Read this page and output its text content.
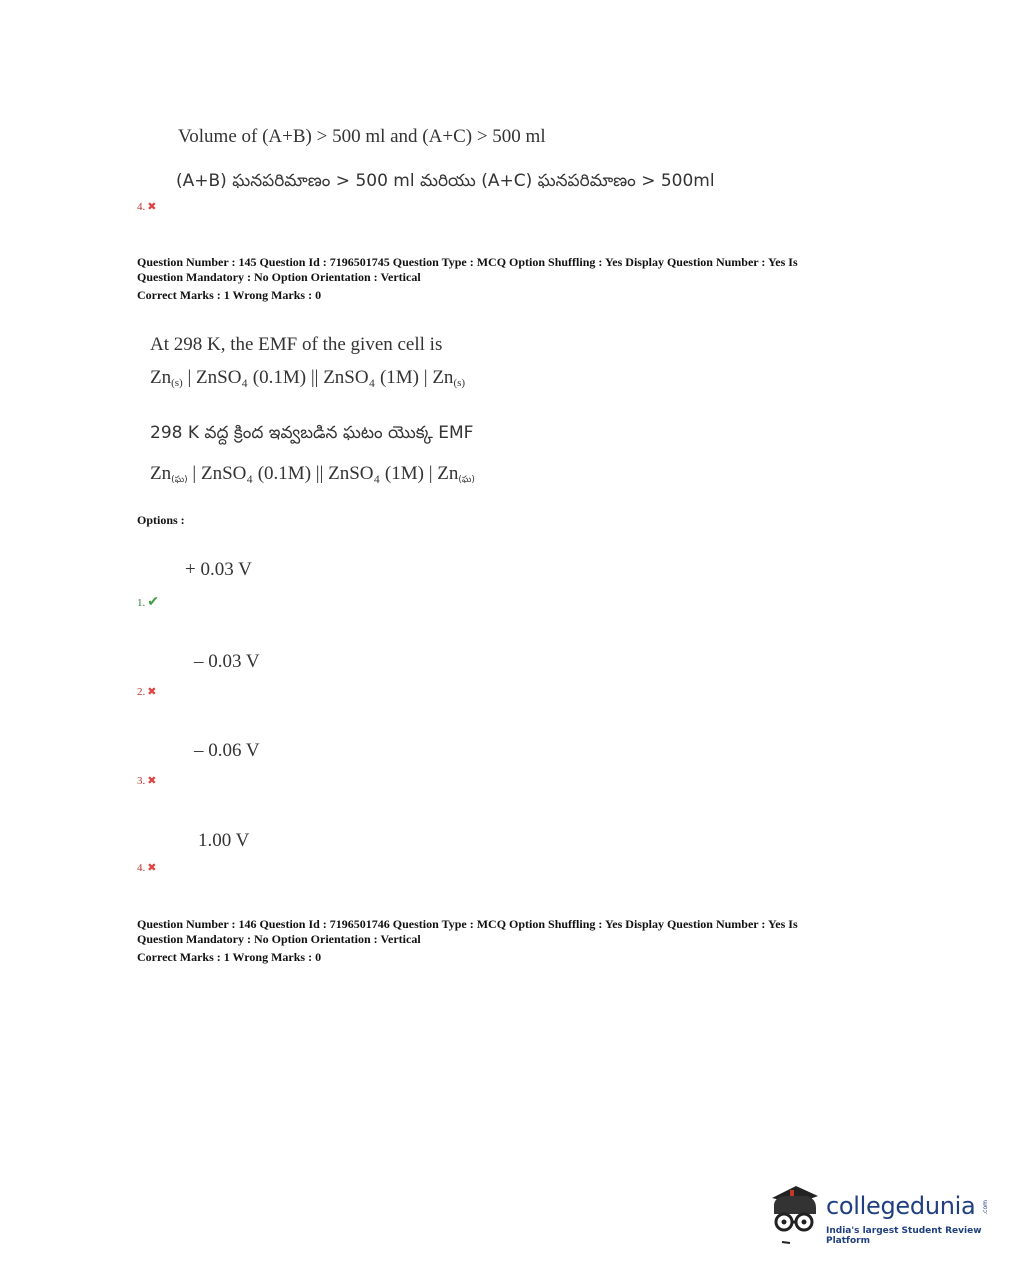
Volume of (A+B) > 500 ml and (A+C) > 500 ml
(A+B) ఘనపరిమాణం > 500 ml మరియు (A+C) ఘనపరిమాణం > 500ml
4. ✖
Question Number : 145 Question Id : 7196501745 Question Type : MCQ Option Shuffling : Yes Display Question Number : Yes Is
Question Mandatory : No Option Orientation : Vertical
Correct Marks : 1 Wrong Marks : 0
At 298 K, the EMF of the given cell is
$Zn_{(s)}$ | ZnSO₄ (0.1M) || ZnSO₄ (1M) | $Zn_{(s)}$
298 K వద్ద క్రింద ఇవ్వబడిన ఘటం యొక్క EMF
$Zn_{(ఘ)}$ | ZnSO₄ (0.1M) || ZnSO₄ (1M) | $Zn_{(ఘ)}$
Options :
+ 0.03 V
1. ✔
– 0.03 V
2. ✖
– 0.06 V
3. ✖
1.00 V
4. ✖
Question Number : 146 Question Id : 7196501746 Question Type : MCQ Option Shuffling : Yes Display Question Number : Yes Is
Question Mandatory : No Option Orientation : Vertical
Correct Marks : 1 Wrong Marks : 0
collegedunia .com
India's largest Student Review Platform
